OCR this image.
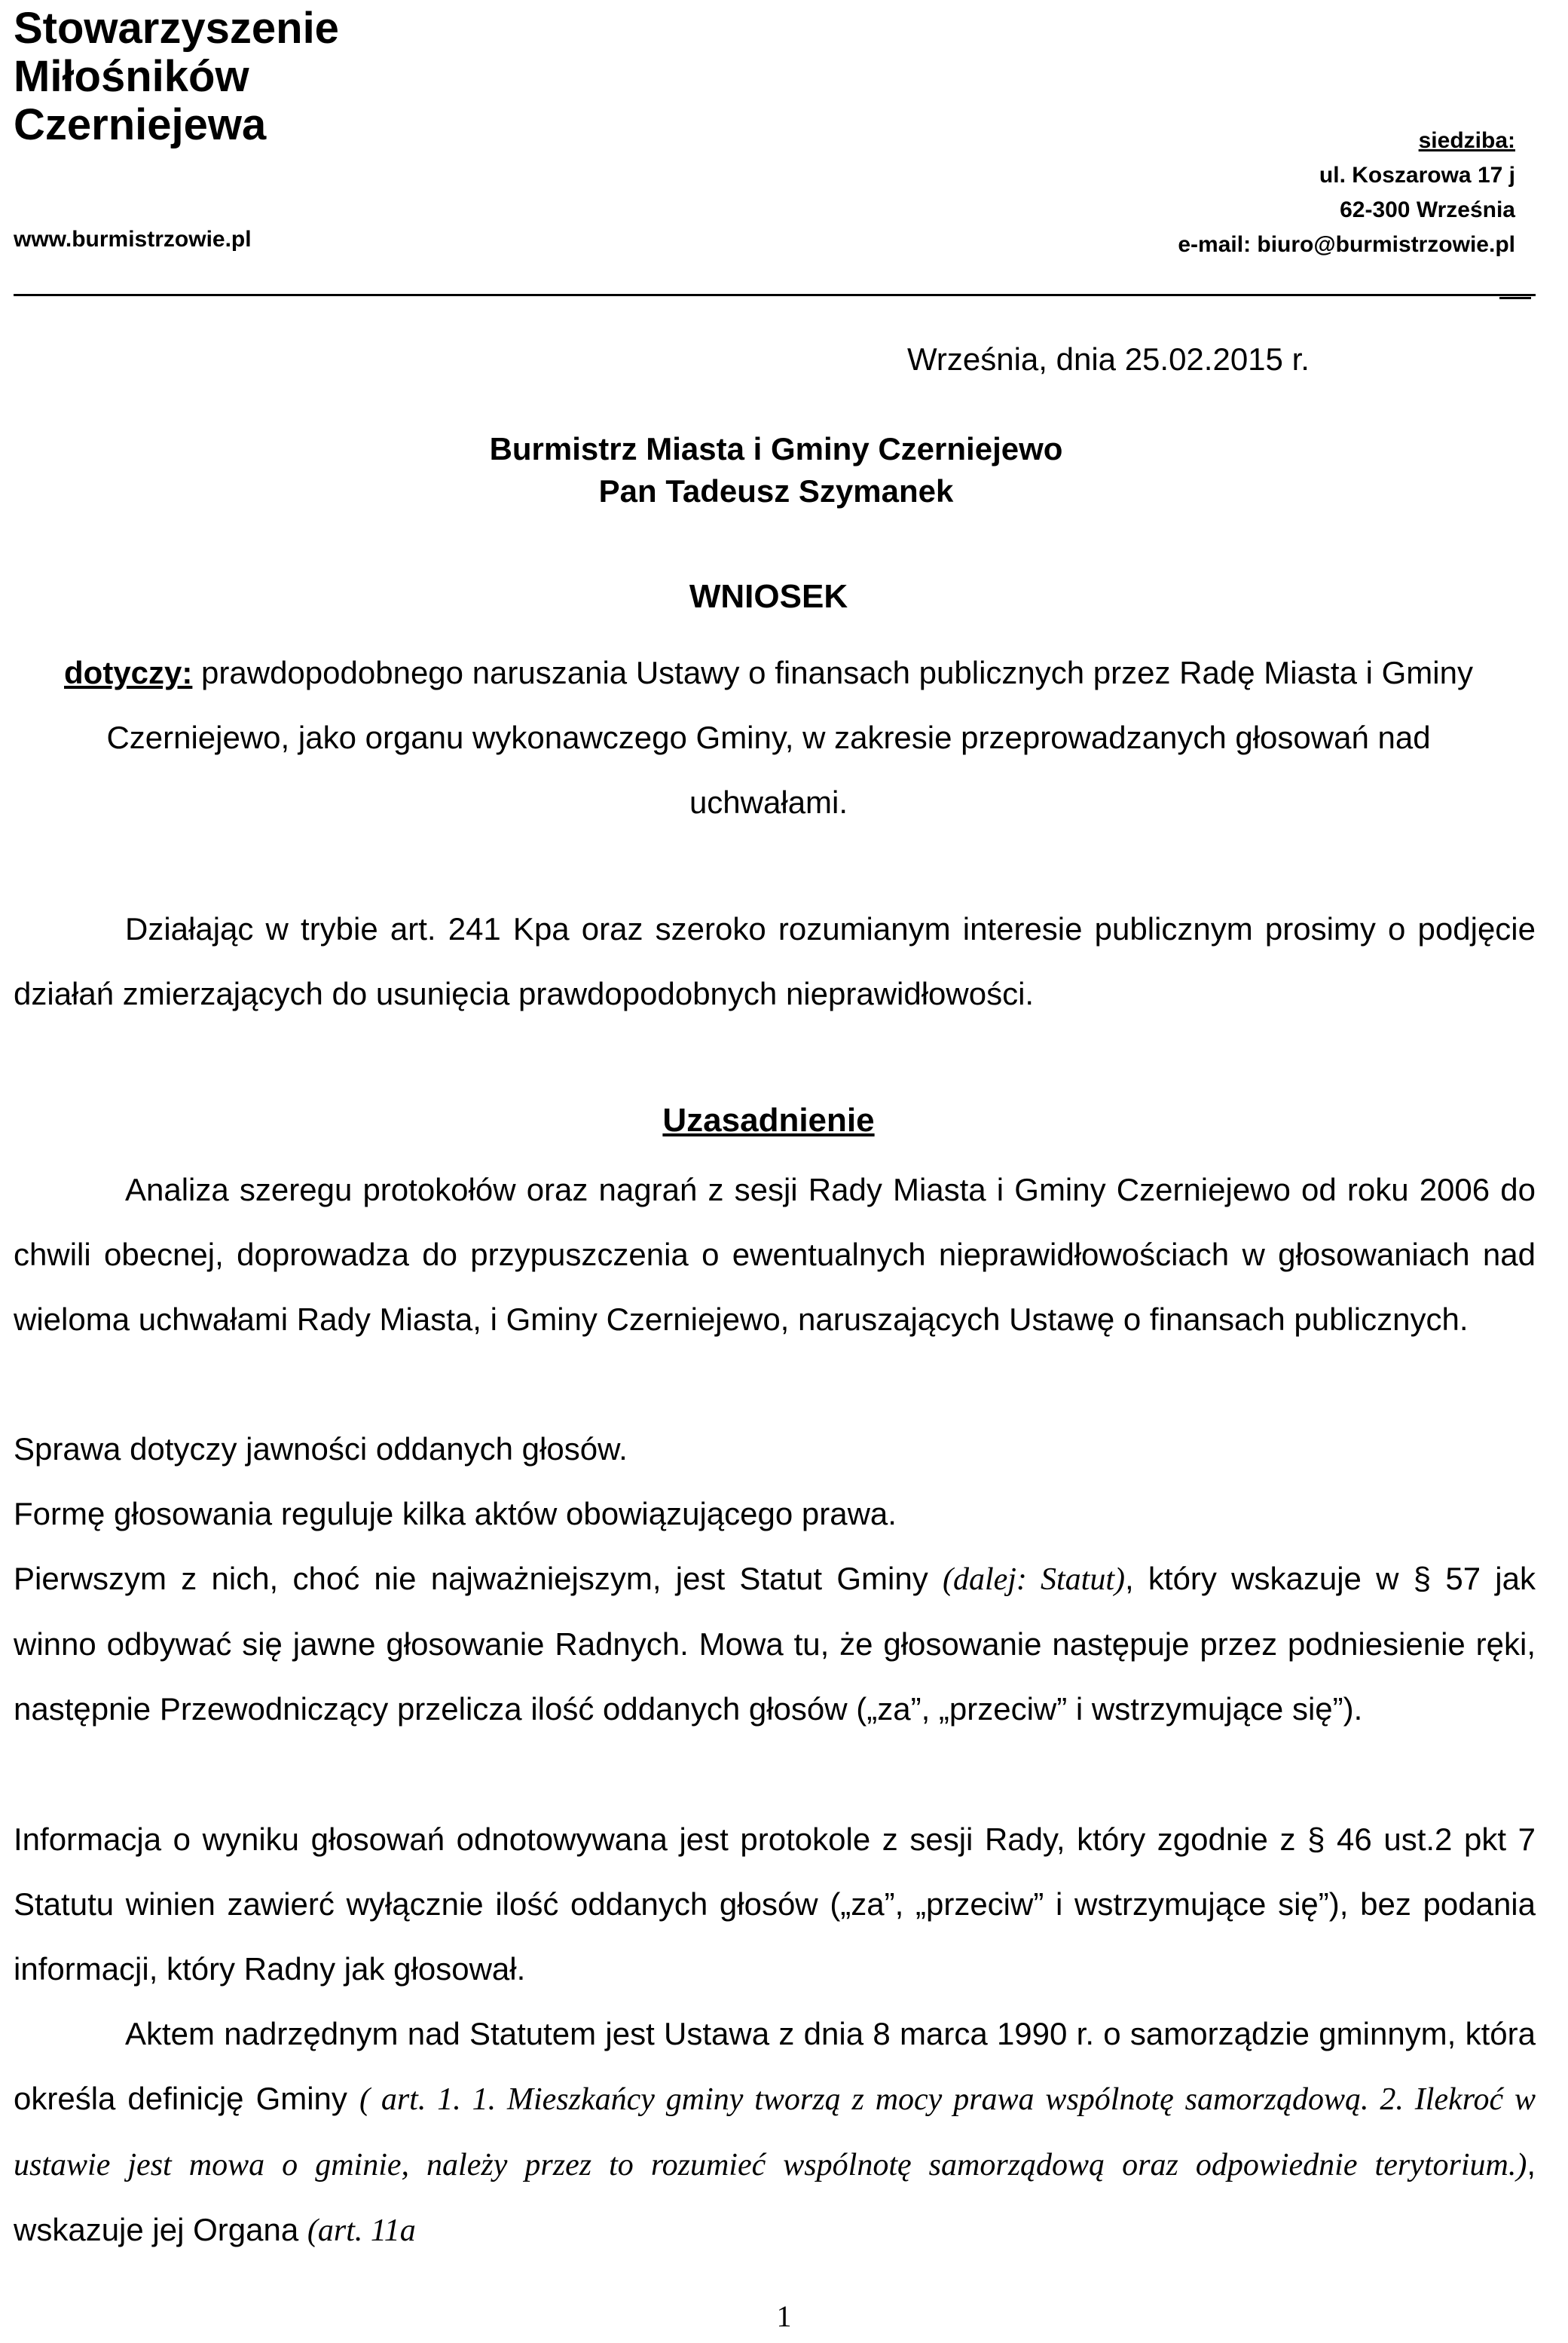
Stowarzyszenie
Miłośników
Czerniejewa
www.burmistrzowie.pl
siedziba:
ul. Koszarowa 17 j
62-300 Września
e-mail: biuro@burmistrzowie.pl
Września, dnia 25.02.2015 r.
Burmistrz Miasta i Gminy Czerniejewo
Pan Tadeusz Szymanek
WNIOSEK
dotyczy: prawdopodobnego naruszania Ustawy o finansach publicznych przez Radę Miasta i Gminy Czerniejewo, jako organu wykonawczego Gminy, w zakresie przeprowadzanych głosowań nad uchwałami.

Działając w trybie art. 241 Kpa oraz szeroko rozumianym interesie publicznym prosimy o podjęcie działań zmierzających do usunięcia prawdopodobnych nieprawidłowości.

Uzasadnienie

Analiza szeregu protokołów oraz nagrań z sesji Rady Miasta i Gminy Czerniejewo od roku 2006 do chwili obecnej, doprowadza do przypuszczenia o ewentualnych nieprawidłowościach w głosowaniach nad wieloma uchwałami Rady Miasta, i Gminy Czerniejewo, naruszających Ustawę o finansach publicznych.

Sprawa dotyczy jawności oddanych głosów.

Formę głosowania reguluje kilka aktów obowiązującego prawa.

Pierwszym z nich, choć nie najważniejszym, jest Statut Gminy (dalej: Statut), który wskazuje w § 57 jak winno odbywać się jawne głosowanie Radnych. Mowa tu, że głosowanie następuje przez podniesienie ręki, następnie Przewodniczący przelicza ilość oddanych głosów („za”, „przeciw” i wstrzymujące się”).

Informacja o wyniku głosowań odnotowywana jest protokole z sesji Rady, który zgodnie z § 46 ust.2 pkt 7 Statutu winien zawierć wyłącznie ilość oddanych głosów („za”, „przeciw” i wstrzymujące się”), bez podania informacji, który Radny jak głosował.

Aktem nadrzędnym nad Statutem jest Ustawa z dnia 8 marca 1990 r. o samorządzie gminnym, która określa definicję Gminy ( art. 1. 1. Mieszkańcy gminy tworzą z mocy prawa wspólnotę samorządową. 2. Ilekroć w ustawie jest mowa o gminie, należy przez to rozumieć wspólnotę samorządową oraz odpowiednie terytorium.), wskazuje jej Organa (art. 11a

1
